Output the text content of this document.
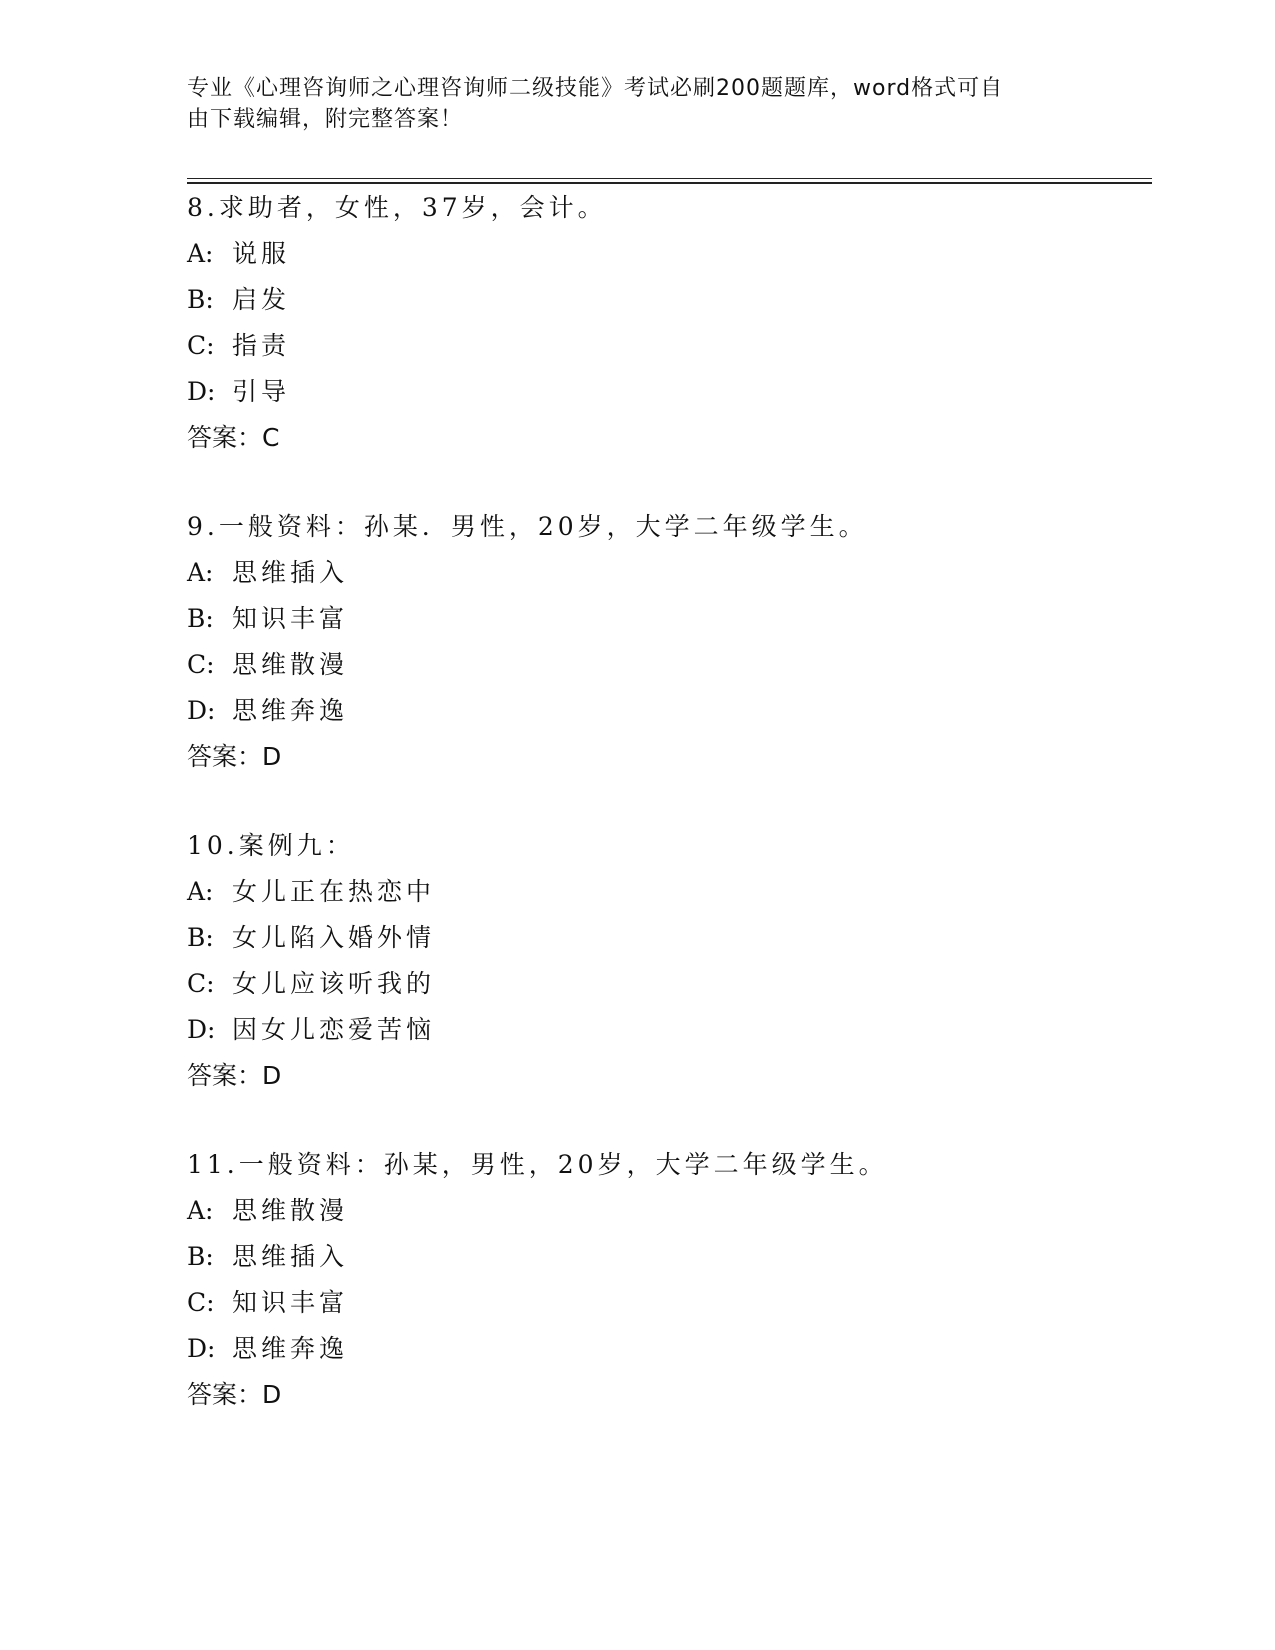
专业《心理咨询师之心理咨询师二级技能》考试必刷200题题库，word格式可自
由下载编辑，附完整答案！
8.求助者，女性，37岁，会计。
A: 说服
B: 启发
C: 指责
D: 引导
答案：C
9.一般资料：孙某．男性，20岁，大学二年级学生。
A: 思维插入
B: 知识丰富
C: 思维散漫
D: 思维奔逸
答案：D
10.案例九：
A: 女儿正在热恋中
B: 女儿陷入婚外情
C: 女儿应该听我的
D: 因女儿恋爱苦恼
答案：D
11.一般资料：孙某，男性，20岁，大学二年级学生。
A: 思维散漫
B: 思维插入
C: 知识丰富
D: 思维奔逸
答案：D
